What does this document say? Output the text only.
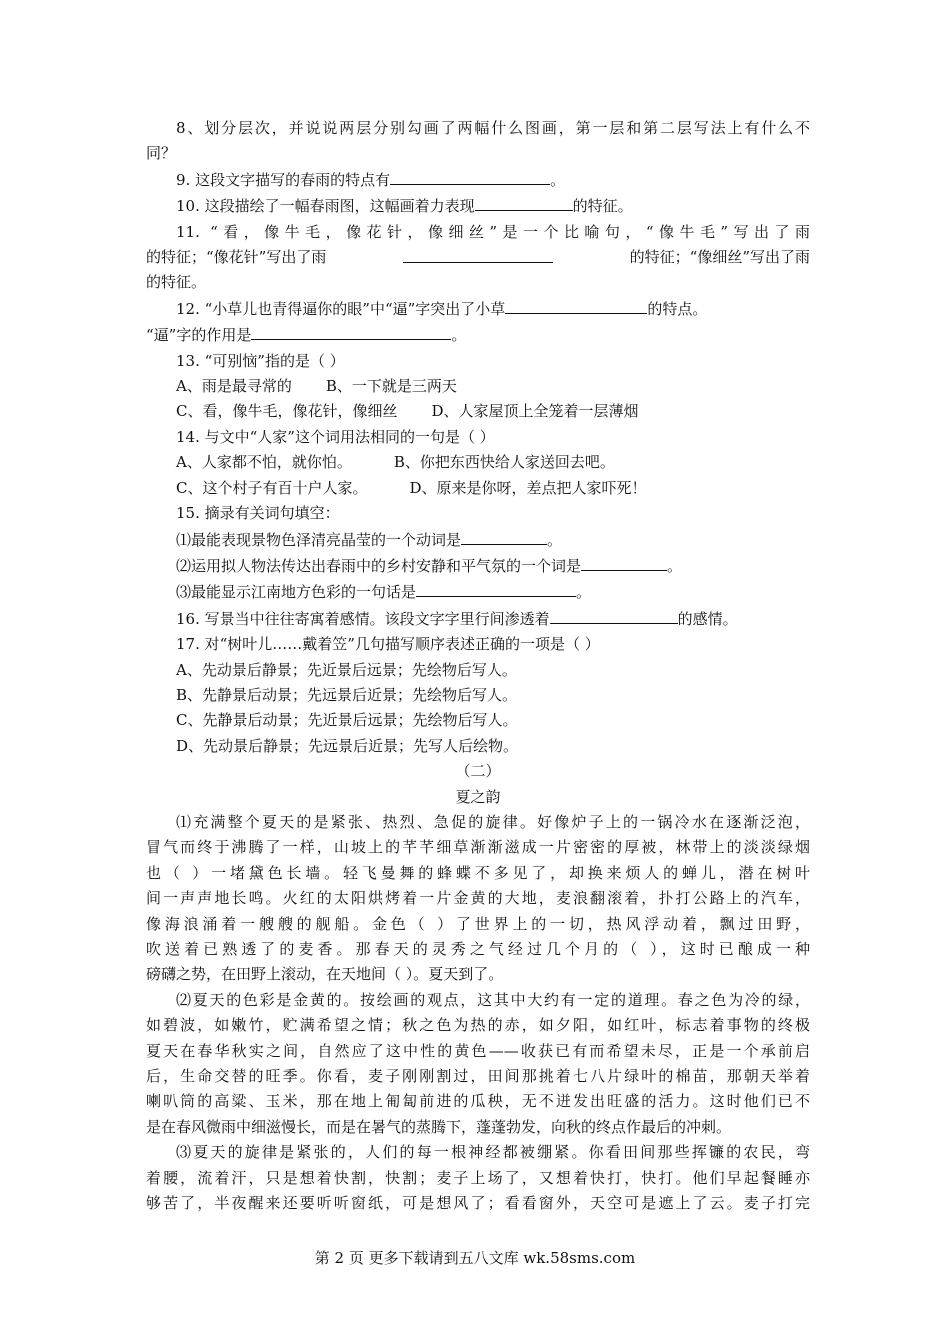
8、划分层次，并说说两层分别勾画了两幅什么图画，第一层和第二层写法上有什么不

同？

9. 这段文字描写的春雨的特点有	。

10. 这段描绘了一幅春雨图，这幅画着力表现	的特征。

11. “看，像牛毛，像花针，像细丝”是一个比喻句，“像牛毛”写出了雨

的特征；“像花针”写出了雨	的特征；“像细丝”写出了雨

的特征。

12. “小草儿也青得逼你的眼”中“逼”字突出了小草	的特点。

“逼”字的作用是	。

13. “可别恼”指的是（ ）

A、雨是最寻常的 B、一下就是三两天

C、看，像牛毛，像花针，像细丝 D、人家屋顶上全笼着一层薄烟

14. 与文中“人家”这个词用法相同的一句是（ ）

A、人家都不怕，就你怕。	B、你把东西快给人家送回去吧。

C、这个村子有百十户人家。	D、原来是你呀，差点把人家吓死！

15. 摘录有关词句填空：

⑴最能表现景物色泽清亮晶莹的一个动词是	。

⑵运用拟人物法传达出春雨中的乡村安静和平气氛的一个词是	。

⑶最能显示江南地方色彩的一句话是	。

16. 写景当中往往寄寓着感情。该段文字字里行间渗透着	的感情。

17. 对“树叶儿……戴着笠”几句描写顺序表述正确的一项是（ ）

A、先动景后静景；先近景后远景；先绘物后写人。

B、先静景后动景；先远景后近景；先绘物后写人。

C、先静景后动景；先近景后远景；先绘物后写人。

D、先动景后静景；先远景后近景；先写人后绘物。

（二）

夏之韵

⑴充满整个夏天的是紧张、热烈、急促的旋律。好像炉子上的一锅冷水在逐渐泛泡，

冒气而终于沸腾了一样，山坡上的芊芊细草渐渐滋成一片密密的厚被，林带上的淡淡绿烟

也（ ）一堵黛色长墙。轻飞曼舞的蜂蝶不多见了，却换来烦人的蝉儿，潜在树叶

间一声声地长鸣。火红的太阳烘烤着一片金黄的大地，麦浪翻滚着，扑打公路上的汽车，

像海浪涌着一艘艘的舰船。金色（ ）了世界上的一切，热风浮动着，飘过田野，

吹送着已熟透了的麦香。那春天的灵秀之气经过几个月的（ ），这时已酿成一种

磅礴之势，在田野上滚动，在天地间（ ）。夏天到了。

⑵夏天的色彩是金黄的。按绘画的观点，这其中大约有一定的道理。春之色为冷的绿，

如碧波，如嫩竹，贮满希望之情；秋之色为热的赤，如夕阳，如红叶，标志着事物的终极

夏天在春华秋实之间，自然应了这中性的黄色——收获已有而希望未尽，正是一个承前启

后，生命交替的旺季。你看，麦子刚刚割过，田间那挑着七八片绿叶的棉苗，那朝天举着

喇叭筒的高粱、玉米，那在地上匍匐前进的瓜秧，无不迸发出旺盛的活力。这时他们已不

是在春风微雨中细滋慢长，而是在暑气的蒸腾下，蓬蓬勃发，向秋的终点作最后的冲刺。

⑶夏天的旋律是紧张的，人们的每一根神经都被绷紧。你看田间那些挥镰的农民，弯

着腰，流着汗，只是想着快割，快割；麦子上场了，又想着快打，快打。他们早起餐睡亦

够苦了，半夜醒来还要听听窗纸，可是想风了；看看窗外，天空可是遮上了云。麦子打完

第 2 页 更多下载请到五八文库 wk.58sms.com
